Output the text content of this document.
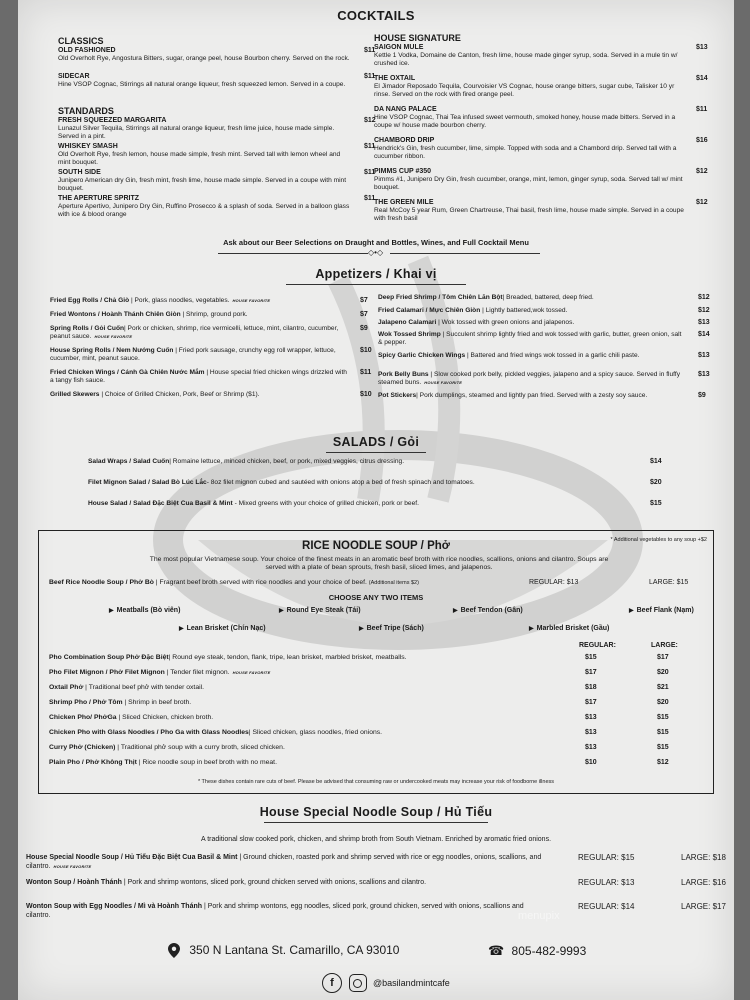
COCKTAILS
CLASSICS
OLD FASHIONED
Old Overholt Rye, Angostura Bitters, sugar, orange peel, house Bourbon cherry. Served on the rock.
$11
SIDECAR
Hine VSOP Cognac, Stirrings all natural orange liqueur, fresh squeezed lemon. Served in a coupe.
$11
STANDARDS
FRESH SQUEEZED MARGARITA
Lunazul Silver Tequila, Stirrings all natural orange liqueur, fresh lime juice, house made simple. Served in a pint.
$12
WHISKEY SMASH
Old Overholt Rye, fresh lemon, house made simple, fresh mint. Served tall with lemon wheel and mint bouquet.
$11
SOUTH SIDE
Junipero American dry Gin, fresh mint, fresh lime, house made simple. Served in a coupe with mint bouquet.
$11
THE APERTURE SPRITZ
Aperture Apertivo, Junipero Dry Gin, Ruffino Prosecco & a splash of soda. Served in a balloon glass with ice & blood orange
$11
HOUSE SIGNATURE
SAIGON MULE
Kettle 1 Vodka, Domaine de Canton, fresh lime, house made ginger syrup, soda. Served in a mule tin w/ crushed ice.
$13
THE OXTAIL
El Jimador Reposado Tequila, Courvoisier VS Cognac, house orange bitters, sugar cube, Talisker 10 yr rinse. Served on the rock with fired orange peel.
$14
DA NANG PALACE
Hine VSOP Cognac, Thai Tea infused sweet vermouth, smoked honey, house made bitters. Served in a coupe w/ house made bourbon cherry.
$11
CHAMBORD DRIP
Hendrick's Gin, fresh cucumber, lime, simple. Topped with soda and a Chambord drip. Served tall with a cucumber ribbon.
$16
PIMMS CUP #350
Pimms #1, Junipero Dry Gin, fresh cucumber, orange, mint, lemon, ginger syrup, soda. Served tall w/ mint bouquet.
$12
THE GREEN MILE
Real McCoy 5 year Rum, Green Chartreuse, Thai basil, fresh lime, house made simple. Served in a coupe with fresh basil
$12
Ask about our Beer Selections on Draught and Bottles, Wines, and Full Cocktail Menu
◇•◇
Appetizers / Khai vị
Fried Egg Rolls / Chả Giò | Pork, glass noodles, vegetables. HOUSE FAVORITE	$7
Fried Wontons / Hoành Thánh Chiên Giòn | Shrimp, ground pork.	$7
Spring Rolls / Gỏi Cuốn| Pork or chicken, shrimp, rice vermicelli, lettuce, mint, cilantro, cucumber, peanut sauce. HOUSE FAVORITE
$9
House Spring Rolls / Nem Nướng Cuốn | Fried pork sausage, crunchy egg roll wrapper, lettuce, cucumber, mint, peanut sauce.
$10
Fried Chicken Wings / Cánh Gà Chiên Nước Mắm | House special fried chicken wings drizzled with a tangy fish sauce.
$11
Grilled Skewers | Choice of Grilled Chicken, Pork, Beef or Shrimp ($1).	$10
Deep Fried Shrimp / Tôm Chiên Lăn Bột| Breaded, battered, deep fried.	$12
Fried Calamari / Mực Chiên Giòn | Lightly battered,wok tossed.	$12
Jalapeno Calamari | Wok tossed with green onions and jalapenos.	$13
Wok Tossed Shrimp | Succulent shrimp lightly fried and wok tossed with garlic, butter, green onion, salt & pepper.
$14
Spicy Garlic Chicken Wings | Battered and fried wings wok tossed in a garlic chili paste.	$13
Pork Belly Buns | Slow cooked pork belly, pickled veggies, jalapeno and a spicy sauce. Served in fluffy steamed buns. HOUSE FAVORITE
$13
Pot Stickers| Pork dumplings, steamed and lightly pan fried. Served with a zesty soy sauce.	$9
SALADS / Gỏi
Salad Wraps / Salad Cuốn| Romaine lettuce, minced chicken, beef, or pork, mixed veggies, citrus dressing.	$14
Filet Mignon Salad / Salad Bò Lúc Lắc- 8oz filet mignon cubed and sautéed with onions atop a bed of fresh spinach and tomatoes.	$20
House Salad / Salad Đặc Biệt Cua Basil & Mint - Mixed greens with your choice of grilled chicken, pork or beef.	$15
* Additional vegetables to any soup +$2
RICE NOODLE SOUP / Phở
The most popular Vietnamese soup. Your choice of the finest meats in an aromatic beef broth with rice noodles, scallions, onions and cilantro. Soups are served with a plate of bean sprouts, fresh basil, sliced limes, and jalapenos.
Beef Rice Noodle Soup / Phở Bò | Fragrant beef broth served with rice noodles and your choice of beef. (Additional items $2)	REGULAR: $13	LARGE: $15
CHOOSE ANY TWO ITEMS
▶ Meatballs (Bò viên)	▶ Round Eye Steak (Tái)	▶ Beef Tendon (Gân)	▶ Beef Flank (Nạm)
▶ Lean Brisket (Chín Nạc)	▶ Beef Tripe (Sách)	▶ Marbled Brisket (Gầu)
REGULAR:	LARGE:
Pho Combination Soup Phở Đặc Biệt| Round eye steak, tendon, flank, tripe, lean brisket, marbled brisket, meatballs.	$15	$17
Pho Filet Mignon / Phở Filet Mignon | Tender filet mignon. HOUSE FAVORITE	$17	$20
Oxtail Phở | Traditional beef phở with tender oxtail.	$18	$21
Shrimp Pho / Phở Tôm | Shrimp in beef broth.	$17	$20
Chicken Pho/ PhởGa | Sliced Chicken, chicken broth.	$13	$15
Chicken Pho with Glass Noodles / Pho Ga with Glass Noodles| Sliced chicken, glass noodles, fried onions.	$13	$15
Curry Phở (Chicken) | Traditional phở soup with a curry broth, sliced chicken.	$13	$15
Plain Pho / Phở Không Thịt | Rice noodle soup in beef broth with no meat.	$10	$12
* These dishes contain rare cuts of beef. Please be advised that consuming raw or undercooked meats may increase your risk of foodborne illness
House Special Noodle Soup / Hủ Tiếu
A traditional slow cooked pork, chicken, and shrimp broth from South Vietnam. Enriched by aromatic fried onions.
House Special Noodle Soup / Hủ Tiếu Đặc Biệt Cua Basil & Mint | Ground chicken, roasted pork and shrimp served with rice or egg noodles, onions, scallions, and cilantro. HOUSE FAVORITE
REGULAR: $15	LARGE: $18
Wonton Soup / Hoành Thánh | Pork and shrimp wontons, sliced pork, ground chicken served with onions, scallions and cilantro.	REGULAR: $13	LARGE: $16
Wonton Soup with Egg Noodles / Mì và Hoành Thánh | Pork and shrimp wontons, egg noodles, sliced pork, ground chicken, served with onions, scallions and cilantro.
REGULAR: $14	LARGE: $17
350 N Lantana St. Camarillo, CA 93010	☎ 805-482-9993
f	@basilandmintcafe
menupix
